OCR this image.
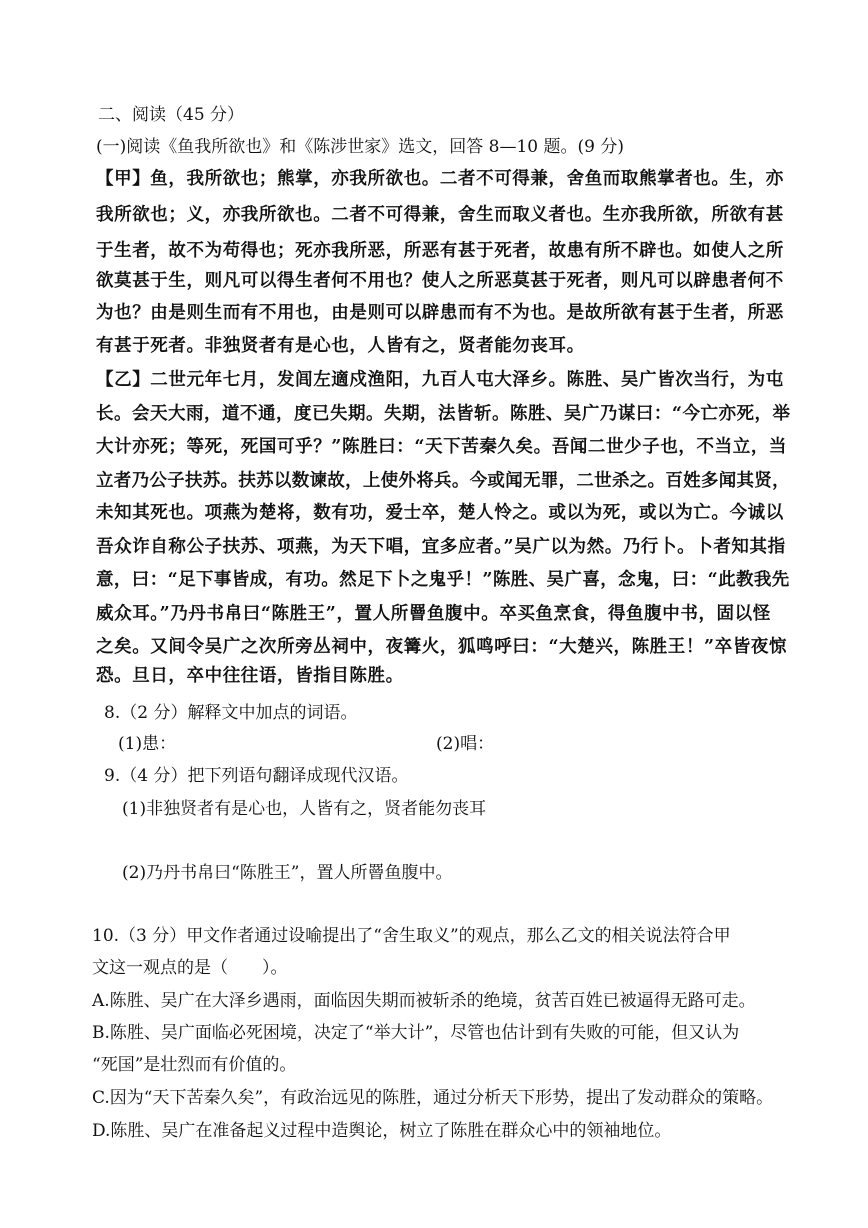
二、阅读（45 分）
(一)阅读《鱼我所欲也》和《陈涉世家》选文，回答 8—10 题。(9 分)
【甲】鱼，我所欲也；熊掌，亦我所欲也。二者不可得兼，舍鱼而取熊掌者也。生，亦
我所欲也；义，亦我所欲也。二者不可得兼，舍生而取义者也。生亦我所欲，所欲有甚
于生者，故不为苟得也；死亦我所恶，所恶有甚于死者，故患有所不辟也。如使人之所
欲莫甚于生，则凡可以得生者何不用也？使人之所恶莫甚于死者，则凡可以辟患者何不
为也？由是则生而有不用也，由是则可以辟患而有不为也。是故所欲有甚于生者，所恶
有甚于死者。非独贤者有是心也，人皆有之，贤者能勿丧耳。
【乙】二世元年七月，发闾左適戍渔阳，九百人屯大泽乡。陈胜、吴广皆次当行，为屯
长。会天大雨，道不通，度已失期。失期，法皆斩。陈胜、吴广乃谋曰：“今亡亦死，举
大计亦死；等死，死国可乎？”陈胜曰：“天下苦秦久矣。吾闻二世少子也，不当立，当
立者乃公子扶苏。扶苏以数谏故，上使外将兵。今或闻无罪，二世杀之。百姓多闻其贤，
未知其死也。项燕为楚将，数有功，爱士卒，楚人怜之。或以为死，或以为亡。今诚以
吾众诈自称公子扶苏、项燕，为天下唱，宜多应者。”吴广以为然。乃行卜。卜者知其指
意，曰：“足下事皆成，有功。然足下卜之鬼乎！”陈胜、吴广喜，念鬼，曰：“此教我先
威众耳。”乃丹书帛曰“陈胜王”，置人所罾鱼腹中。卒买鱼烹食，得鱼腹中书，固以怪
之矣。又间令吴广之次所旁丛祠中，夜篝火，狐鸣呼曰：“大楚兴，陈胜王！”卒皆夜惊
恐。旦日，卒中往往语，皆指目陈胜。
8.（2 分）解释文中加点的词语。
(1)患：	(2)唱：
9.（4 分）把下列语句翻译成现代汉语。
(1)非独贤者有是心也，人皆有之，贤者能勿丧耳
(2)乃丹书帛曰“陈胜王”，置人所罾鱼腹中。
10.（3 分）甲文作者通过设喻提出了“舍生取义”的观点，那么乙文的相关说法符合甲
文这一观点的是（　　）。
A.陈胜、吴广在大泽乡遇雨，面临因失期而被斩杀的绝境，贫苦百姓已被逼得无路可走。
B.陈胜、吴广面临必死困境，决定了“举大计”，尽管也估计到有失败的可能，但又认为
“死国”是壮烈而有价值的。
C.因为“天下苦秦久矣”，有政治远见的陈胜，通过分析天下形势，提出了发动群众的策略。
D.陈胜、吴广在准备起义过程中造舆论，树立了陈胜在群众心中的领袖地位。
